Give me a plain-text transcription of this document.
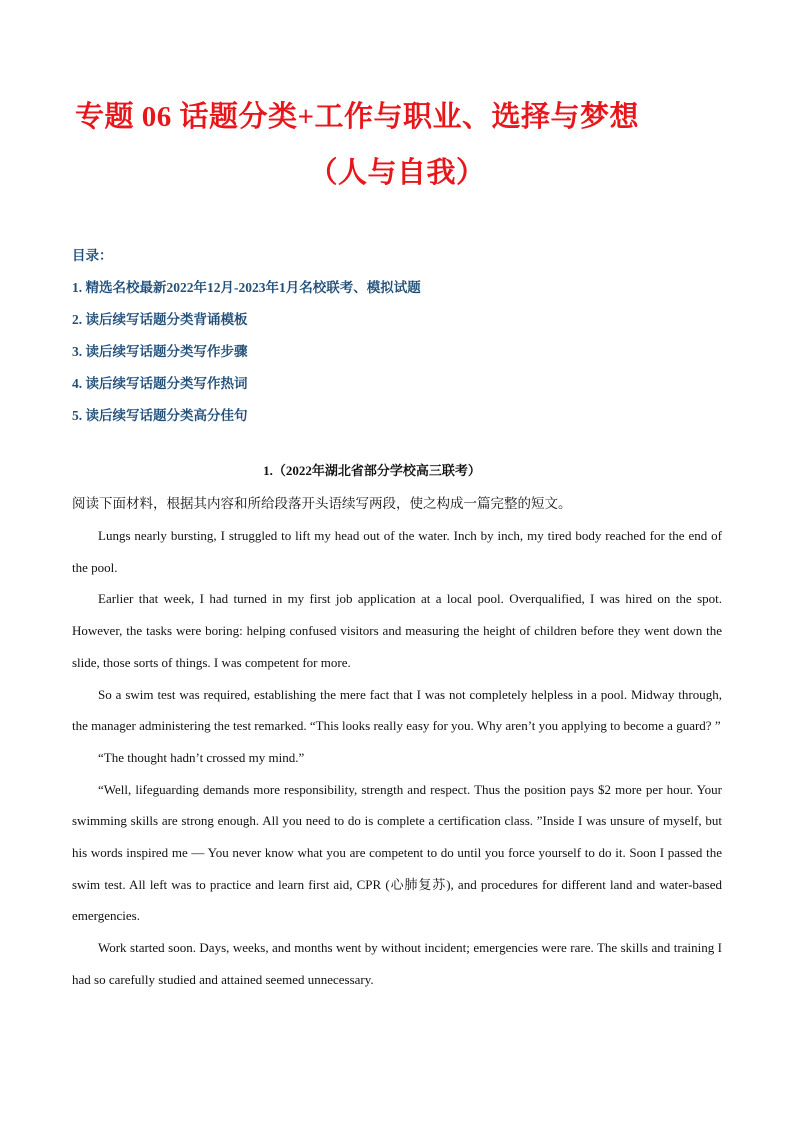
专题 06 话题分类+工作与职业、选择与梦想
（人与自我）
目录：
1. 精选名校最新2022年12月-2023年1月名校联考、模拟试题
2. 读后续写话题分类背诵模板
3. 读后续写话题分类写作步骤
4. 读后续写话题分类写作热词
5. 读后续写话题分类高分佳句
1.（2022年湖北省部分学校高三联考）
阅读下面材料，根据其内容和所给段落开头语续写两段，使之构成一篇完整的短文。

Lungs nearly bursting, I struggled to lift my head out of the water. Inch by inch, my tired body reached for the end of the pool.

Earlier that week, I had turned in my first job application at a local pool. Overqualified, I was hired on the spot. However, the tasks were boring: helping confused visitors and measuring the height of children before they went down the slide, those sorts of things. I was competent for more.

So a swim test was required, establishing the mere fact that I was not completely helpless in a pool. Midway through, the manager administering the test remarked. “This looks really easy for you. Why aren’t you applying to become a guard? ”

“The thought hadn’t crossed my mind.”

“Well, lifeguarding demands more responsibility, strength and respect. Thus the position pays $2 more per hour. Your swimming skills are strong enough. All you need to do is complete a certification class. ”Inside I was unsure of myself, but his words inspired me — You never know what you are competent to do until you force yourself to do it. Soon I passed the swim test. All left was to practice and learn first aid, CPR (心肺复苏), and procedures for different land and water-based emergencies.

Work started soon. Days, weeks, and months went by without incident; emergencies were rare. The skills and training I had so carefully studied and attained seemed unnecessary.
